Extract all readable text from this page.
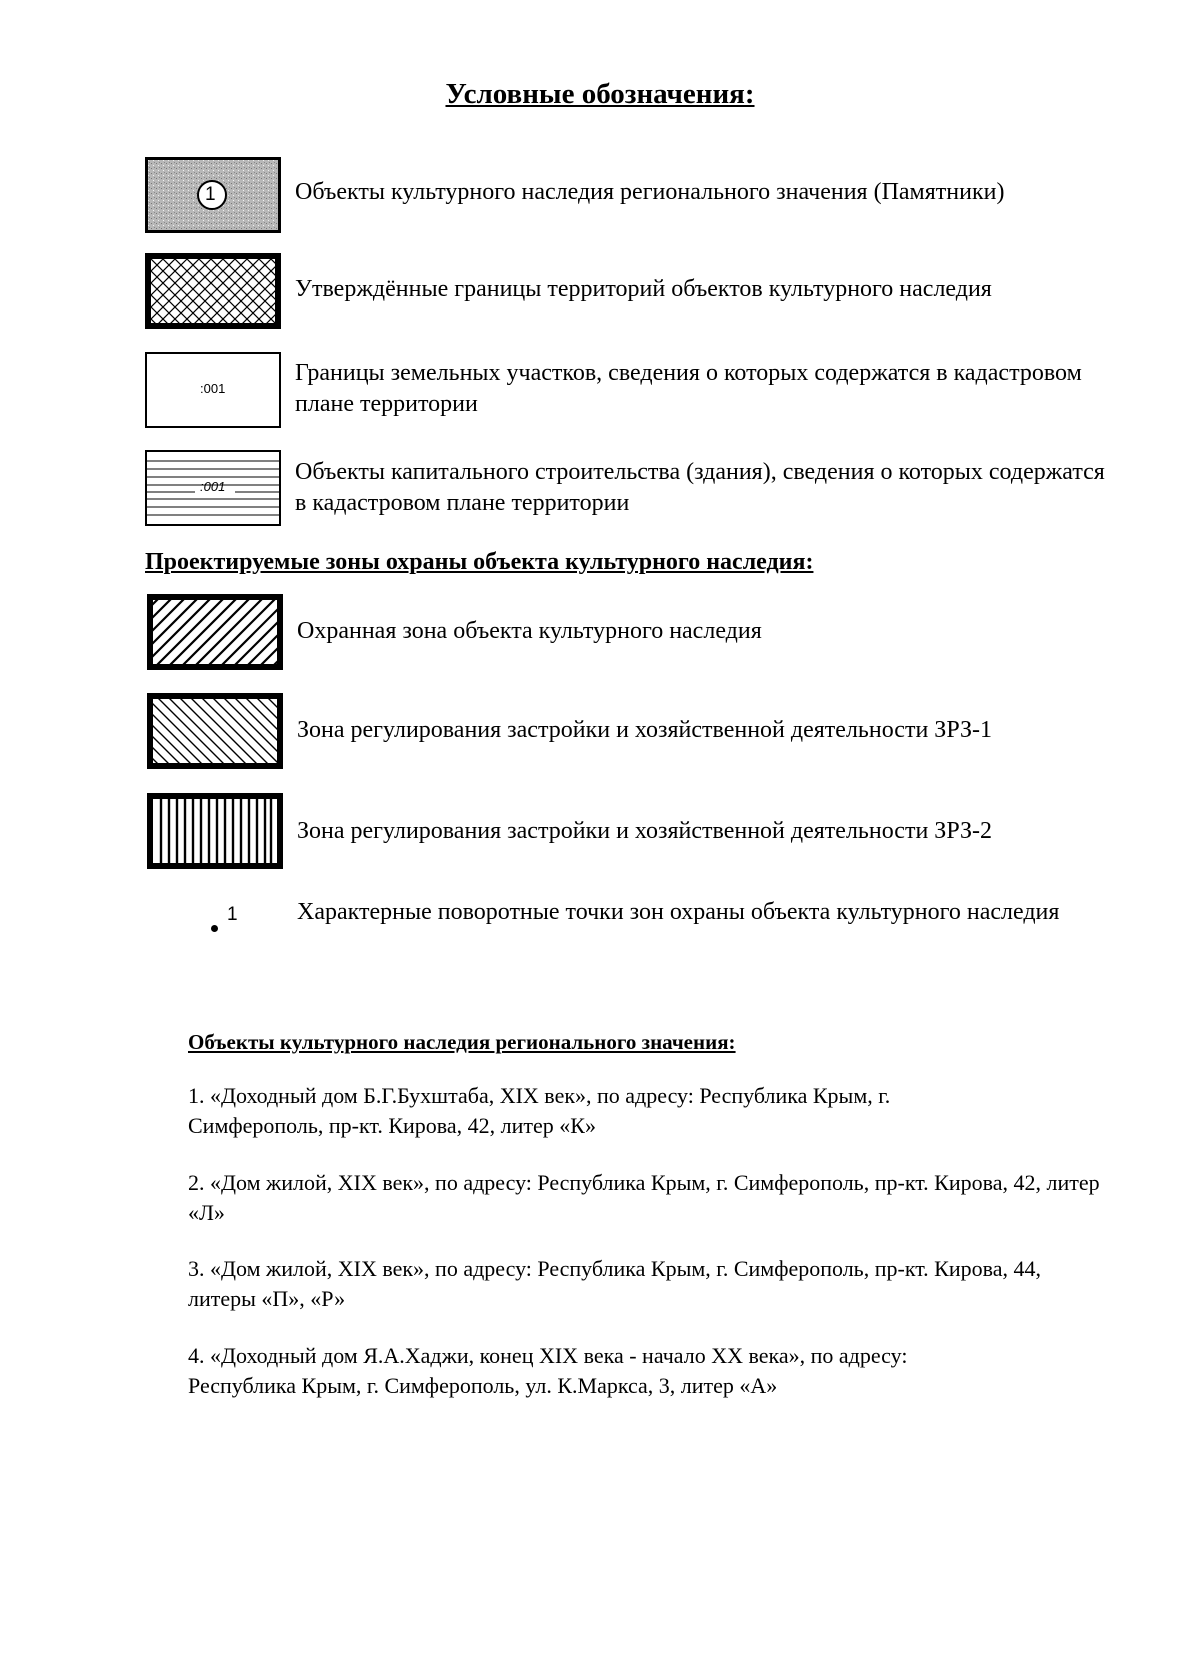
Условные обозначения:
1	Объекты культурного наследия регионального значения (Памятники)
Утверждённые границы территорий объектов культурного наследия
:001
Границы земельных участков, сведения о которых содержатся в кадастровом плане территории
:001
Объекты капитального строительства (здания), сведения о которых содержатся в кадастровом плане территории
Проектируемые зоны охраны объекта культурного наследия:
Охранная зона объекта культурного наследия
Зона регулирования застройки и хозяйственной деятельности ЗРЗ-1
Зона регулирования застройки и хозяйственной деятельности ЗРЗ-2
1 Характерные поворотные точки зон охраны объекта культурного наследия
Объекты культурного наследия регионального значения:

1. «Доходный дом Б.Г.Бухштаба, XIX век», по адресу: Республика Крым, г. Симферополь, пр-кт. Кирова, 42, литер «К»

2. «Дом жилой, XIX век», по адресу: Республика Крым, г. Симферополь, пр-кт. Кирова, 42, литер «Л»

3. «Дом жилой, XIX век», по адресу: Республика Крым, г. Симферополь, пр-кт. Кирова, 44, литеры «П», «Р»

4. «Доходный дом Я.А.Хаджи, конец XIX века - начало XX века», по адресу: Республика Крым, г. Симферополь, ул. К.Маркса, 3, литер «А»
